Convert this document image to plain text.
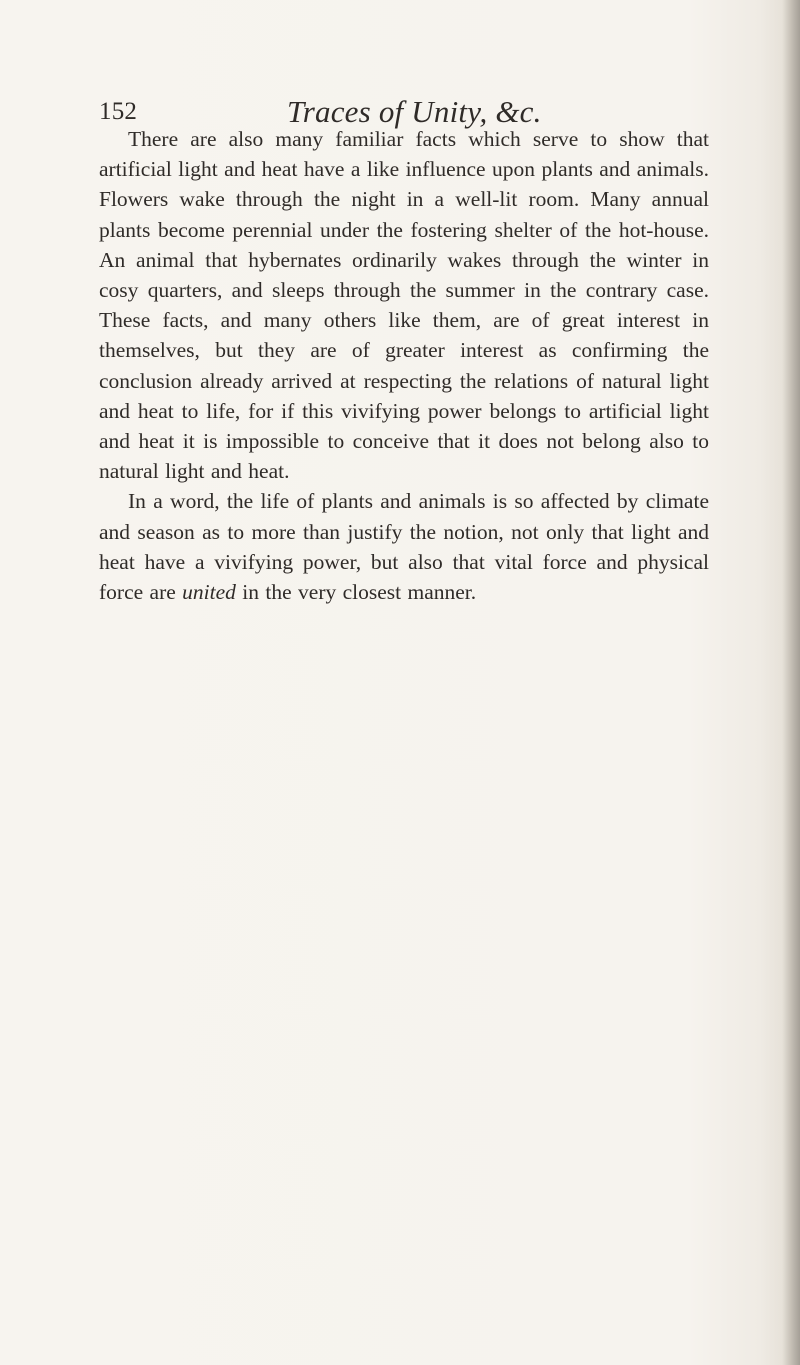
152	Traces of Unity, &c.

There are also many familiar facts which serve to show that artificial light and heat have a like influence upon plants and animals. Flowers wake through the night in a well-lit room. Many annual plants become perennial under the fostering shelter of the hot-house. An animal that hybernates ordinarily wakes through the winter in cosy quarters, and sleeps through the summer in the contrary case. These facts, and many others like them, are of great interest in themselves, but they are of greater interest as confirming the conclusion already arrived at respecting the relations of natural light and heat to life, for if this vivifying power belongs to artificial light and heat it is impossible to conceive that it does not belong also to natural light and heat.

In a word, the life of plants and animals is so affected by climate and season as to more than justify the notion, not only that light and heat have a vivifying power, but also that vital force and physical force are united in the very closest manner.
